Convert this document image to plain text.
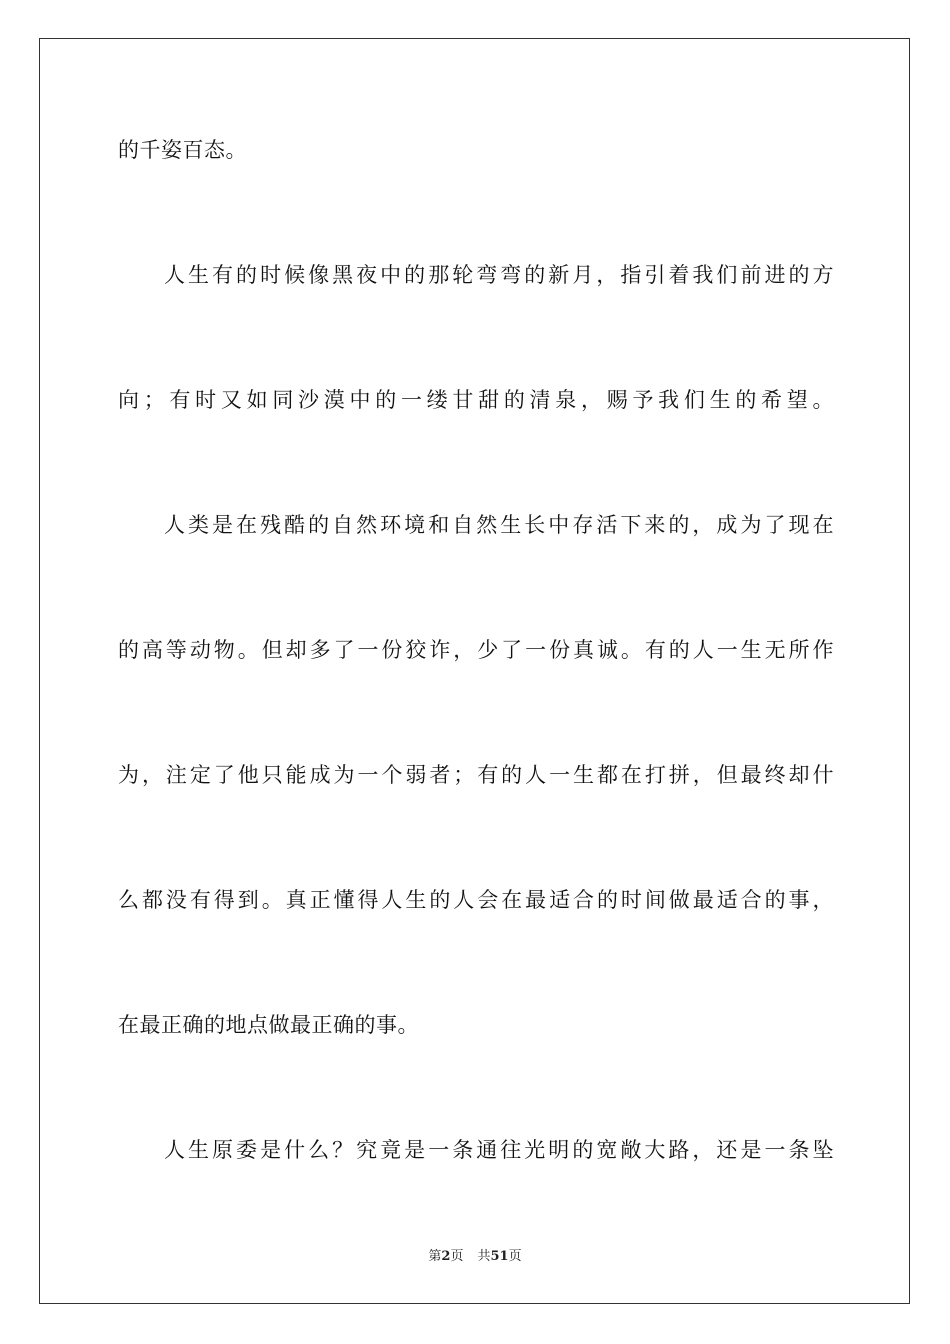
的千姿百态。
人生有的时候像黑夜中的那轮弯弯的新月，指引着我们前进的方
向；有时又如同沙漠中的一缕甘甜的清泉，赐予我们生的希望。
人类是在残酷的自然环境和自然生长中存活下来的，成为了现在
的高等动物。但却多了一份狡诈，少了一份真诚。有的人一生无所作
为，注定了他只能成为一个弱者；有的人一生都在打拼，但最终却什
么都没有得到。真正懂得人生的人会在最适合的时间做最适合的事，
在最正确的地点做最正确的事。
人生原委是什么？究竟是一条通往光明的宽敞大路，还是一条坠
第2页 共51页
